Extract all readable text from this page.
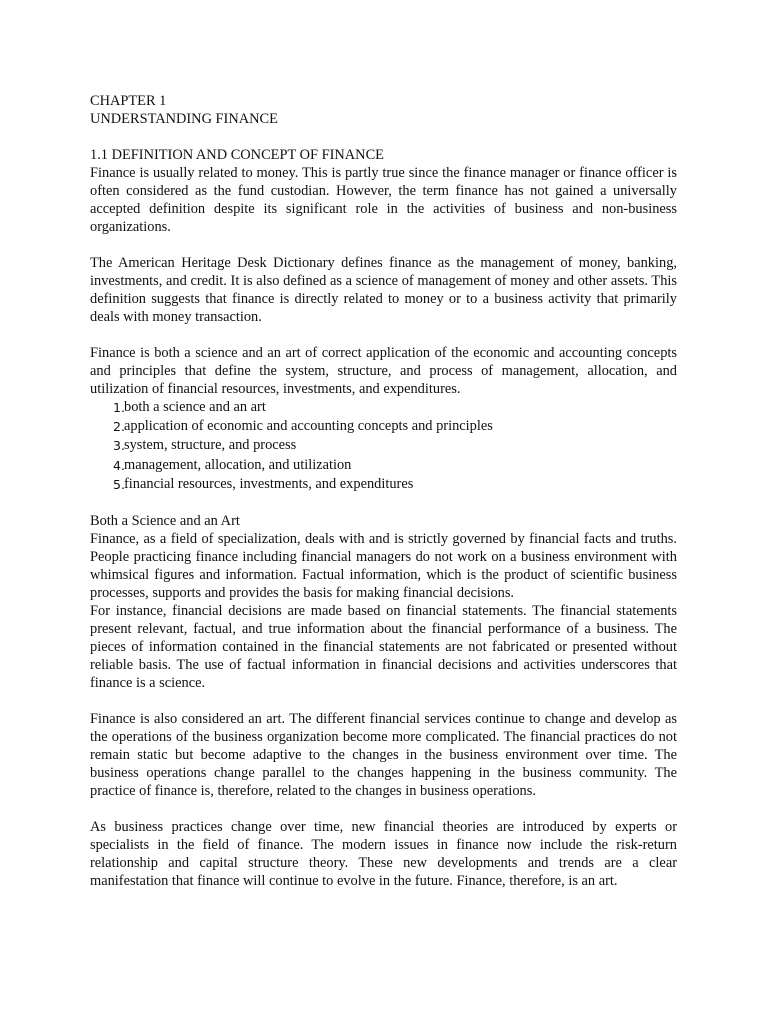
CHAPTER 1

UNDERSTANDING FINANCE

1.1 DEFINITION AND CONCEPT OF FINANCE

Finance is usually related to money. This is partly true since the finance manager or finance officer is often considered as the fund custodian. However, the term finance has not gained a universally accepted definition despite its significant role in the activities of business and non-business organizations.

The American Heritage Desk Dictionary defines finance as the management of money, banking, investments, and credit. It is also defined as a science of management of money and other assets. This definition suggests that finance is directly related to money or to a business activity that primarily deals with money transaction.

Finance is both a science and an art of correct application of the economic and accounting concepts and principles that define the system, structure, and process of management, allocation, and utilization of financial resources, investments, and expenditures.

1. both a science and an art
2. application of economic and accounting concepts and principles
3. system, structure, and process
4. management, allocation, and utilization
5. financial resources, investments, and expenditures

Both a Science and an Art

Finance, as a field of specialization, deals with and is strictly governed by financial facts and truths. People practicing finance including financial managers do not work on a business environment with whimsical figures and information. Factual information, which is the product of scientific business processes, supports and provides the basis for making financial decisions.

For instance, financial decisions are made based on financial statements. The financial statements present relevant, factual, and true information about the financial performance of a business. The pieces of information contained in the financial statements are not fabricated or presented without reliable basis. The use of factual information in financial decisions and activities underscores that finance is a science.

Finance is also considered an art. The different financial services continue to change and develop as the operations of the business organization become more complicated. The financial practices do not remain static but become adaptive to the changes in the business environment over time. The business operations change parallel to the changes happening in the business community. The practice of finance is, therefore, related to the changes in business operations.

As business practices change over time, new financial theories are introduced by experts or specialists in the field of finance. The modern issues in finance now include the risk-return relationship and capital structure theory. These new developments and trends are a clear manifestation that finance will continue to evolve in the future. Finance, therefore, is an art.
